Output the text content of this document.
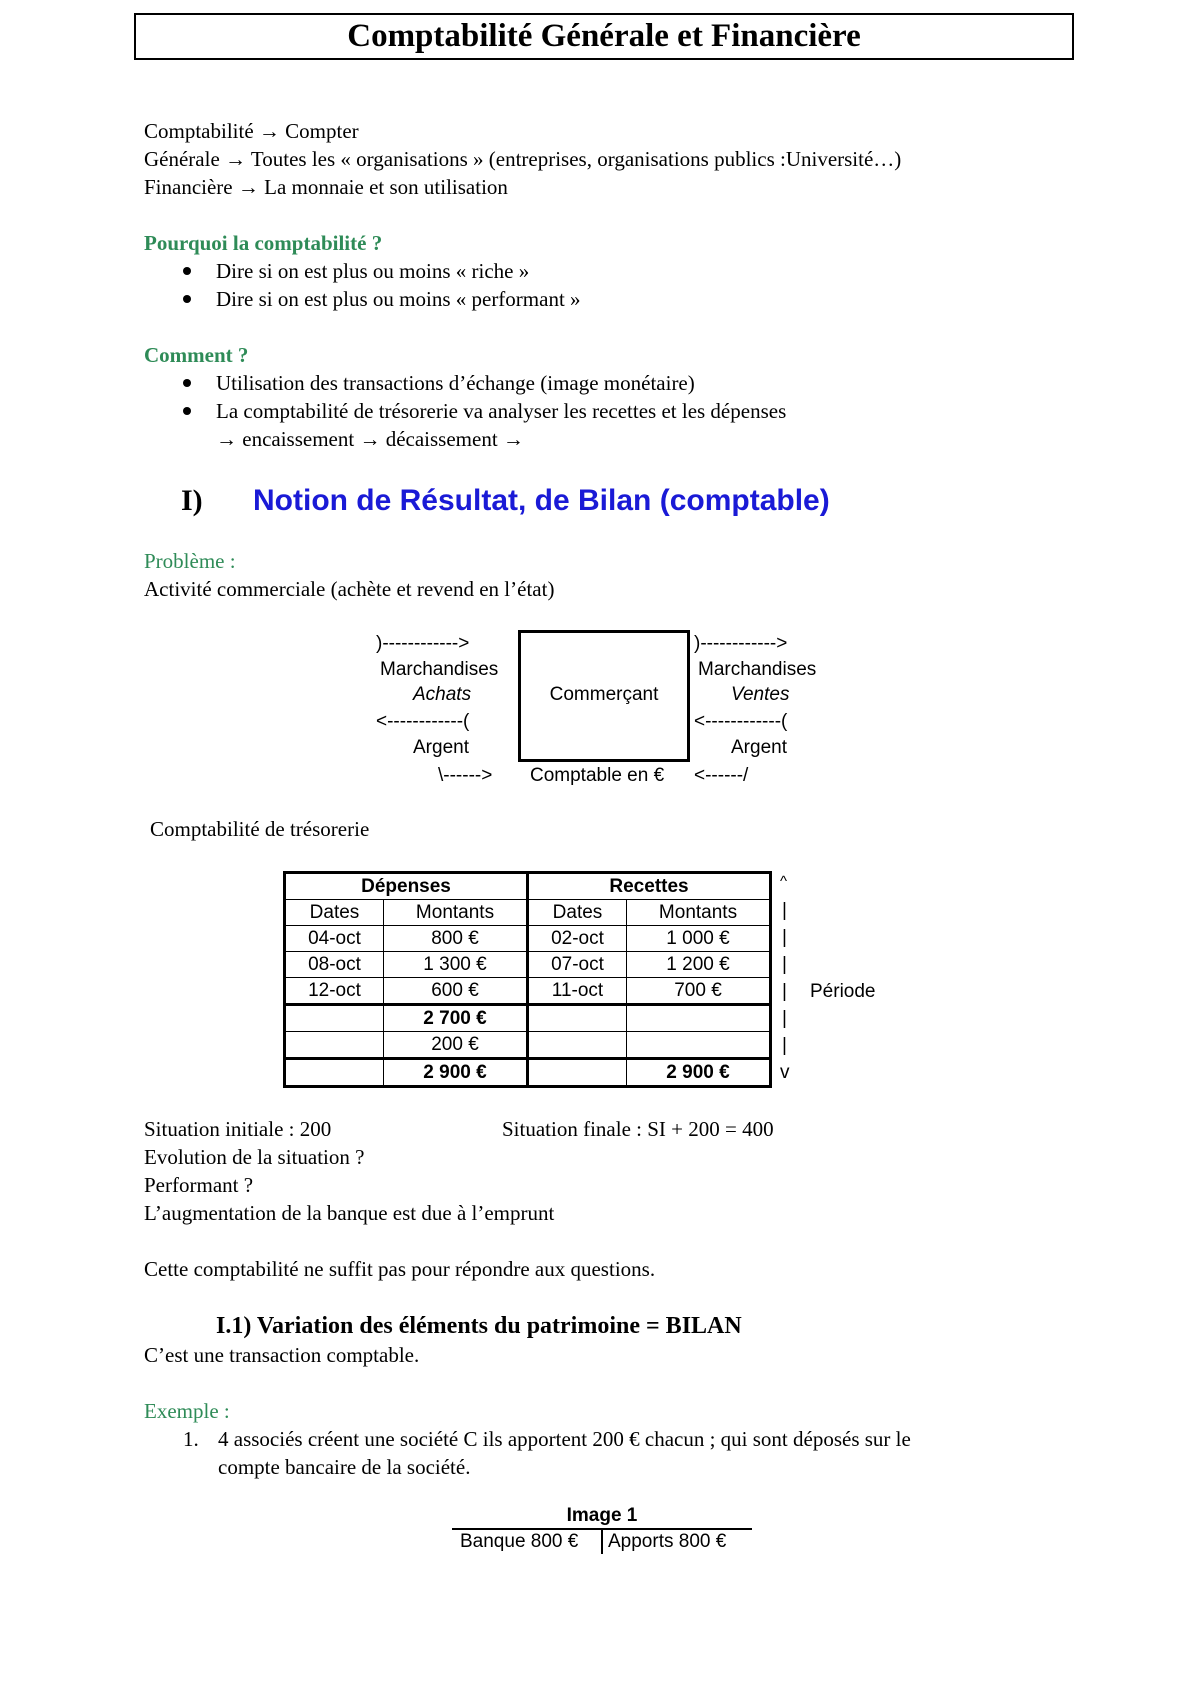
Comptabilité Générale et Financière
Comptabilité → Compter
Générale → Toutes les « organisations » (entreprises, organisations publics :Université…)
Financière → La monnaie et son utilisation
Pourquoi la comptabilité ?
Dire si on est plus ou moins « riche »
Dire si on est plus ou moins « performant »
Comment ?
Utilisation des transactions d’échange (image monétaire)
La comptabilité de trésorerie va analyser les recettes et les dépenses
→ encaissement → décaissement →
I) Notion de Résultat, de Bilan (comptable)
Problème :
Activité commerciale (achète et revend en l’état)
)------------>
Marchandises
Achats
<------------(
Argent
\------>
Commerçant
Comptable en €
)------------>
Marchandises
Ventes
<------------(
Argent
<------/
Comptabilité de trésorerie
Dépenses		Recettes	
Dates	Montants	Dates	Montants
04-oct	800 €	02-oct	1 000 €
08-oct	1 300 €	07-oct	1 200 €
12-oct	600 €	11-oct	700 €
	2 700 €		
	200 €		
	2 900 €		2 900 €
^
|
|
|
| Période
|
|
v
Situation initiale : 200	Situation finale : SI + 200 = 400
Evolution de la situation ?
Performant ?
L’augmentation de la banque est due à l’emprunt
Cette comptabilité ne suffit pas pour répondre aux questions.
I.1) Variation des éléments du patrimoine = BILAN
C’est une transaction comptable.
Exemple :
1. 4 associés créent une société C ils apportent 200 € chacun ; qui sont déposés sur le
compte bancaire de la société.
Image 1
Banque 800 € Apports 800 €
